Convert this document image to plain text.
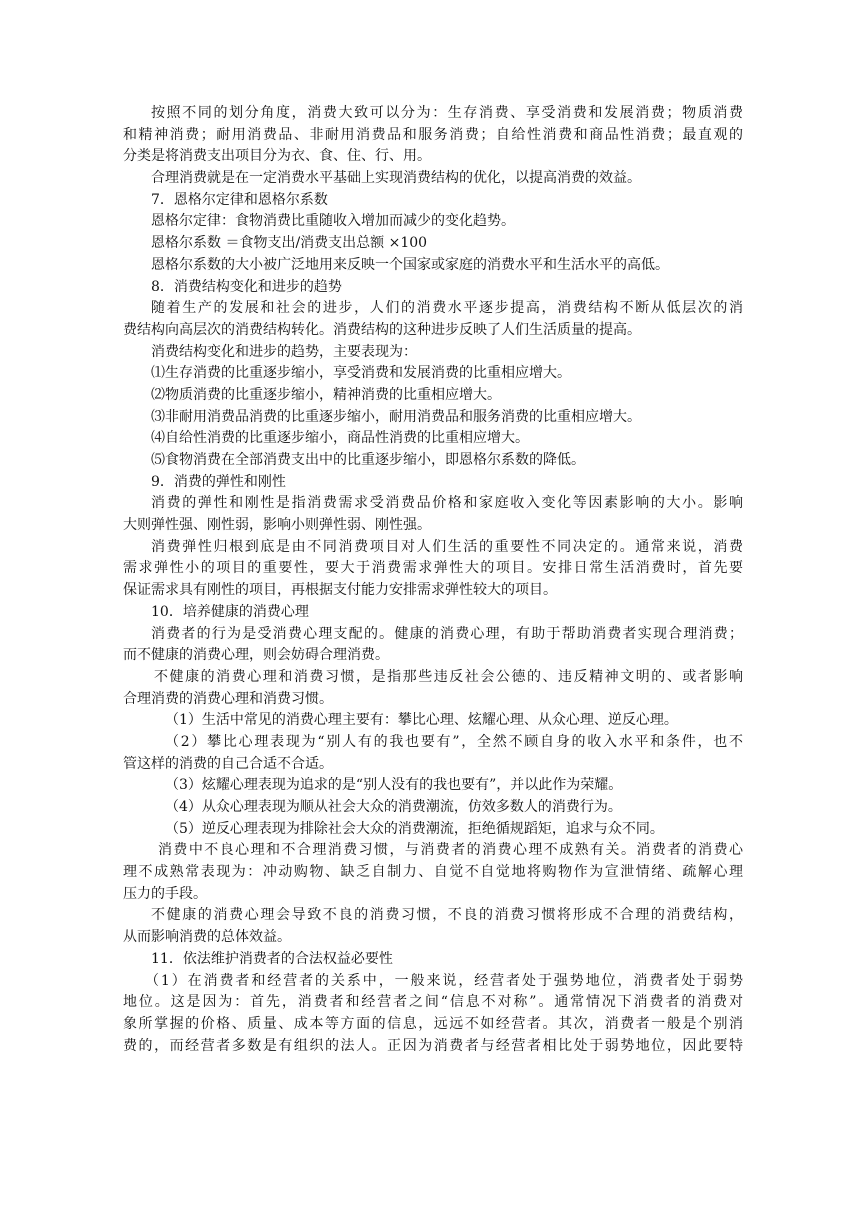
按照不同的划分角度，消费大致可以分为：生存消费、享受消费和发展消费；物质消费
和精神消费；耐用消费品、非耐用消费品和服务消费；自给性消费和商品性消费；最直观的
分类是将消费支出项目分为衣、食、住、行、用。
合理消费就是在一定消费水平基础上实现消费结构的优化，以提高消费的效益。
7．恩格尔定律和恩格尔系数
恩格尔定律：食物消费比重随收入增加而减少的变化趋势。
恩格尔系数 ＝食物支出/消费支出总额 ×100
恩格尔系数的大小被广泛地用来反映一个国家或家庭的消费水平和生活水平的高低。
8．消费结构变化和进步的趋势
随着生产的发展和社会的进步，人们的消费水平逐步提高，消费结构不断从低层次的消
费结构向高层次的消费结构转化。消费结构的这种进步反映了人们生活质量的提高。
消费结构变化和进步的趋势，主要表现为：
⑴生存消费的比重逐步缩小，享受消费和发展消费的比重相应增大。
⑵物质消费的比重逐步缩小，精神消费的比重相应增大。
⑶非耐用消费品消费的比重逐步缩小，耐用消费品和服务消费的比重相应增大。
⑷自给性消费的比重逐步缩小，商品性消费的比重相应增大。
⑸食物消费在全部消费支出中的比重逐步缩小，即恩格尔系数的降低。
9．消费的弹性和刚性
消费的弹性和刚性是指消费需求受消费品价格和家庭收入变化等因素影响的大小。影响
大则弹性强、刚性弱，影响小则弹性弱、刚性强。
消费弹性归根到底是由不同消费项目对人们生活的重要性不同决定的。通常来说，消费
需求弹性小的项目的重要性，要大于消费需求弹性大的项目。安排日常生活消费时，首先要
保证需求具有刚性的项目，再根据支付能力安排需求弹性较大的项目。
10．培养健康的消费心理
消费者的行为是受消费心理支配的。健康的消费心理，有助于帮助消费者实现合理消费；
而不健康的消费心理，则会妨碍合理消费。
不健康的消费心理和消费习惯，是指那些违反社会公德的、违反精神文明的、或者影响
合理消费的消费心理和消费习惯。
（1）生活中常见的消费心理主要有：攀比心理、炫耀心理、从众心理、逆反心理。
（2）攀比心理表现为“别人有的我也要有”，全然不顾自身的收入水平和条件，也不
管这样的消费的自己合适不合适。
（3）炫耀心理表现为追求的是“别人没有的我也要有”，并以此作为荣耀。
（4）从众心理表现为顺从社会大众的消费潮流，仿效多数人的消费行为。
（5）逆反心理表现为排除社会大众的消费潮流，拒绝循规蹈矩，追求与众不同。
消费中不良心理和不合理消费习惯，与消费者的消费心理不成熟有关。消费者的消费心
理不成熟常表现为：冲动购物、缺乏自制力、自觉不自觉地将购物作为宣泄情绪、疏解心理
压力的手段。
不健康的消费心理会导致不良的消费习惯，不良的消费习惯将形成不合理的消费结构，
从而影响消费的总体效益。
11．依法维护消费者的合法权益必要性
（1）在消费者和经营者的关系中，一般来说，经营者处于强势地位，消费者处于弱势
地位。这是因为：首先，消费者和经营者之间“信息不对称”。通常情况下消费者的消费对
象所掌握的价格、质量、成本等方面的信息，远远不如经营者。其次，消费者一般是个别消
费的，而经营者多数是有组织的法人。正因为消费者与经营者相比处于弱势地位，因此要特
